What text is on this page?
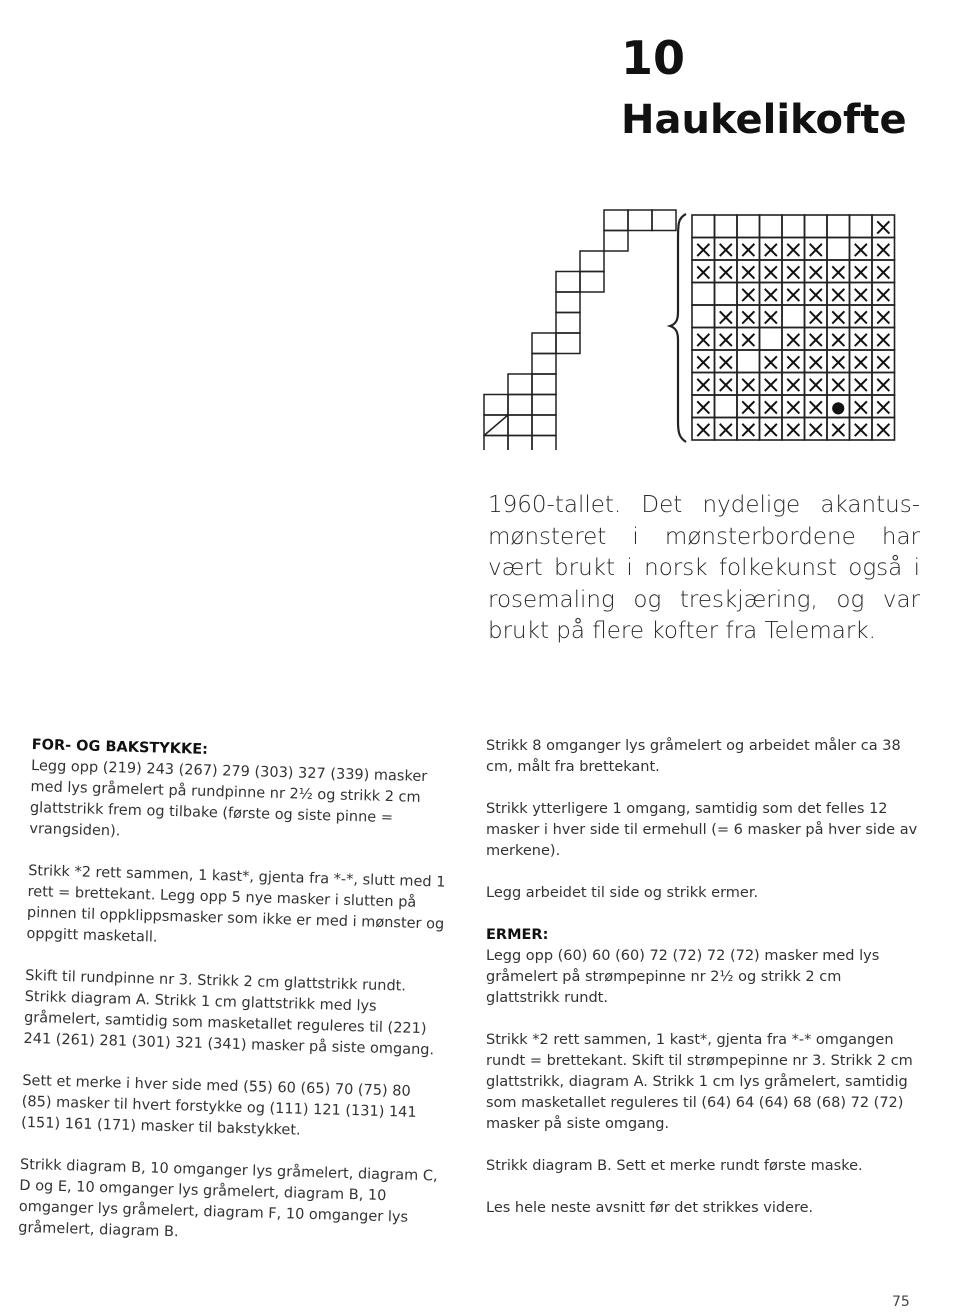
10
Haukelikofte
×
× × × × × × × ×
× × × × × × × × ×
× × × × × × ×
× × × × × × ×
× × × × × × × ×
× × × × × × × ×
× × × × × × × × ×
× × × × × ● × ×
× × × × × × × × ×
1960-tallet. Det nydelige akantusmønsteret i mønsterbordene har vært brukt i norsk folkekunst også i rosemaling og treskjæring, og var brukt på flere kofter fra Telemark.
FOR- OG BAKSTYKKE:

Legg opp (219) 243 (267) 279 (303) 327 (339) masker med lys gråmelert på rundpinne nr 2½ og strikk 2 cm glattstrikk frem og tilbake (første og siste pinne = vrangsiden).

Strikk *2 rett sammen, 1 kast*, gjenta fra *-*, slutt med 1 rett = brettekant. Legg opp 5 nye masker i slutten på pinnen til oppklippsmasker som ikke er med i mønster og oppgitt masketall.

Skift til rundpinne nr 3. Strikk 2 cm glattstrikk rundt. Strikk diagram A. Strikk 1 cm glattstrikk med lys gråmelert, samtidig som masketallet reguleres til (221) 241 (261) 281 (301) 321 (341) masker på siste omgang.

Sett et merke i hver side med (55) 60 (65) 70 (75) 80 (85) masker til hvert forstykke og (111) 121 (131) 141 (151) 161 (171) masker til bakstykket.

Strikk diagram B, 10 omganger lys gråmelert, diagram C, D og E, 10 omganger lys gråmelert, diagram B, 10 omganger lys gråmelert, diagram F, 10 omganger lys gråmelert, diagram B.

Strikk 8 omganger lys gråmelert og arbeidet måler ca 38 cm, målt fra brettekant.

Strikk ytterligere 1 omgang, samtidig som det felles 12 masker i hver side til ermehull (= 6 masker på hver side av merkene).

Legg arbeidet til side og strikk ermer.

ERMER:

Legg opp (60) 60 (60) 72 (72) 72 (72) masker med lys gråmelert på strømpepinne nr 2½ og strikk 2 cm glattstrikk rundt.

Strikk *2 rett sammen, 1 kast*, gjenta fra *-* omgangen rundt = brettekant. Skift til strømpepinne nr 3. Strikk 2 cm glattstrikk, diagram A. Strikk 1 cm lys gråmelert, samtidig som masketallet reguleres til (64) 64 (64) 68 (68) 72 (72) masker på siste omgang.

Strikk diagram B. Sett et merke rundt første maske.

Les hele neste avsnitt før det strikkes videre.

75
